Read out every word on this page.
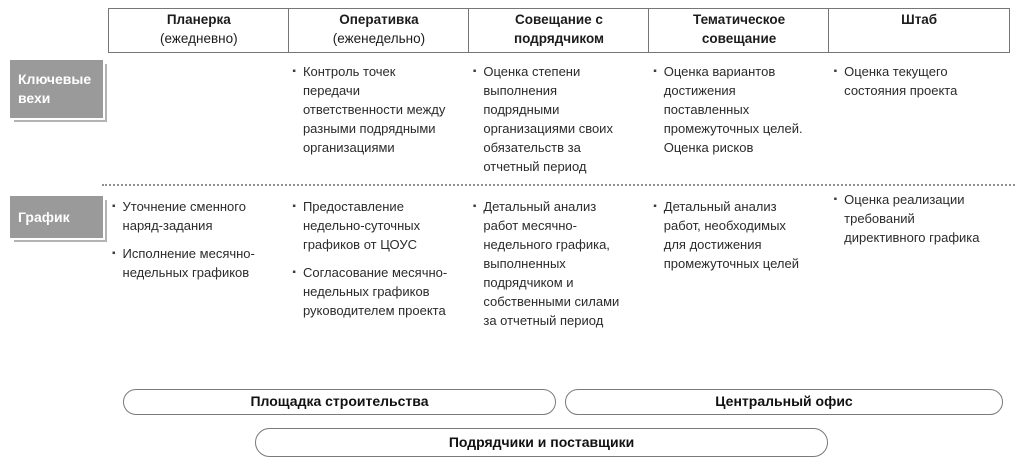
Планерка
(ежедневно)
Оперативка
(еженедельно)
Совещание с подрядчиком
Тематическое совещание
Штаб
Ключевые вехи
График
▪ Контроль точек передачи ответственности между разными подрядными организациями
▪ Оценка степени выполнения подрядными организациями своих обязательств за отчетный период
▪ Оценка вариантов достижения поставленных промежуточных целей. Оценка рисков
▪ Оценка текущего состояния проекта
▪ Уточнение сменного наряд-задания
▪ Исполнение месячно-недельных графиков
▪ Предоставление недельно-суточных графиков от ЦОУС
▪ Согласование месячно-недельных графиков руководителем проекта
▪ Детальный анализ работ месячно-недельного графика, выполненных подрядчиком и собственными силами за отчетный период
▪ Детальный анализ работ, необходимых для достижения промежуточных целей
▪ Оценка реализации требований директивного графика
Площадка строительства	Центральный офис
Подрядчики и поставщики
